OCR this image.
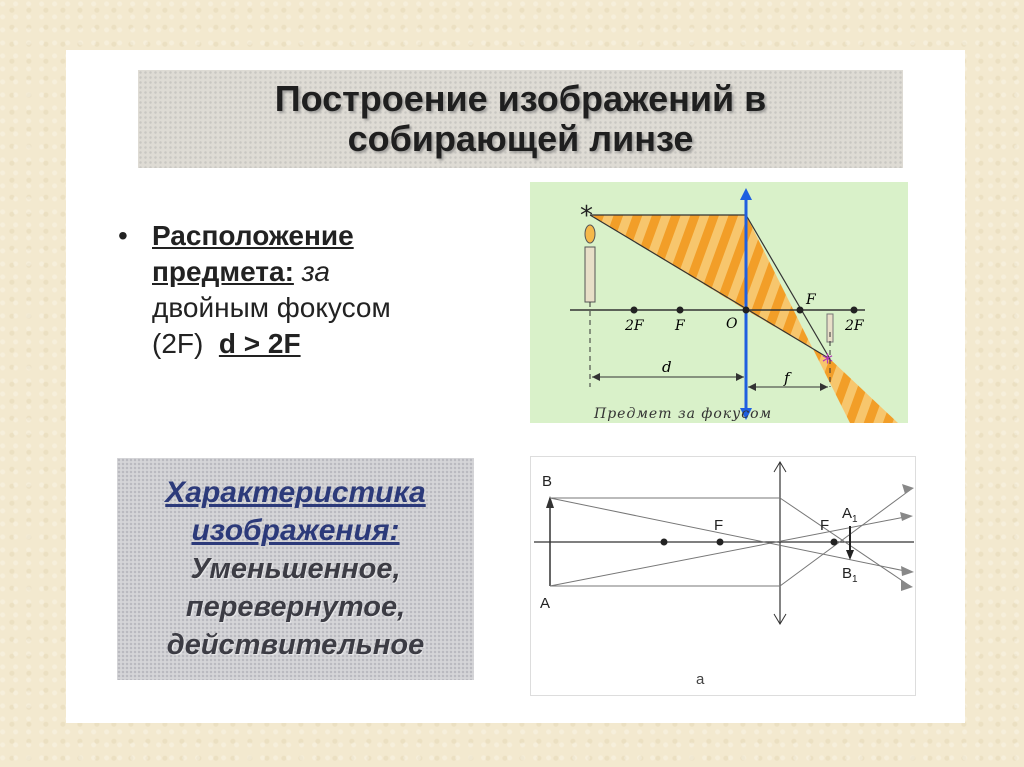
Построение изображений в
собирающей линзе
• Расположение предмета: за двойным фокусом (2F) d > 2F
Характеристика
изображения:
Уменьшенное,
перевернутое,
действительное
*
*
2F F	O
F
2F
d
f
Предмет за фокусом
B
A
F	F
$A_1$
$B_1$
а
